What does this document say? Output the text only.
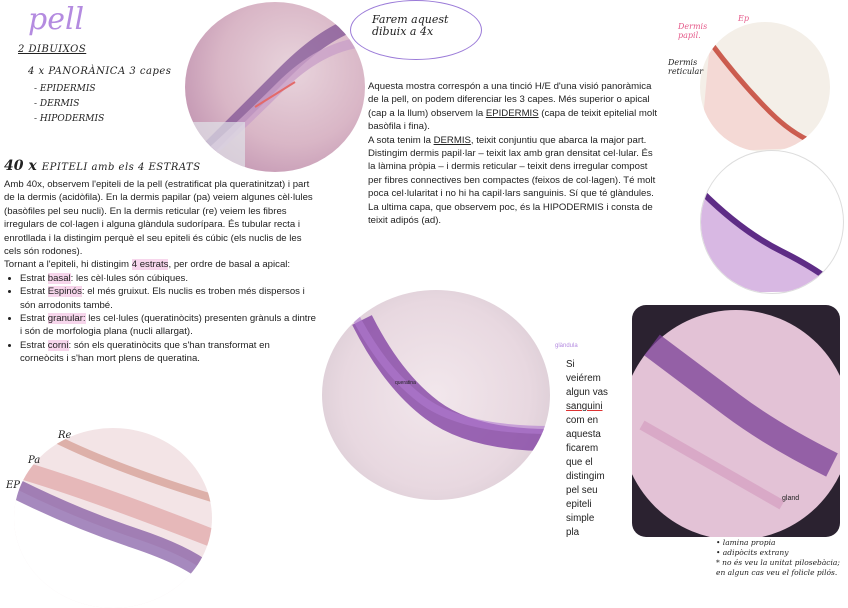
pell
2 DIBUIXOS
4 x PANORÀNICA 3 capes
- EPIDERMIS
- DERMIS
- HIPODERMIS
Farem aquest dibuix a 4x
Aquesta mostra correspón a una tinció H/E d'una visió panoràmica de la pell, on podem diferenciar les 3 capes. Més superior o apical (cap a la llum) observem la EPIDERMIS (capa de teixit epitelial molt basòfila i fina).
A sota tenim la DERMIS, teixit conjuntiu que abarca la major part. Distingim dermis papil·lar – teixit lax amb gran densitat cel·lular. És la làmina pròpia – i dermis reticular – teixit dens irregular compost per fibres connectives ben compactes (feixos de col·lagen). Té molt poca cel·lularitat i no hi ha capil·lars sanguinis. Sí que té glàndules.
La ultima capa, que observem poc, és la HIPODERMIS i consta de teixit adipós (ad).
40 x EPITELI amb els 4 ESTRATS

Amb 40x, observem l'epiteli de la pell (estratificat pla queratinitzat) i part de la dermis (acidòfila). En la dermis papilar (pa) veiem algunes cèl·lules (basòfiles pel seu nucli). En la dermis reticular (re) veiem les fibres irregulars de col·lagen i alguna glàndula sudorípara. És tubular recta i enrotllada i la distingim perquè el seu epiteli és cúbic (els nuclis de les cels són rodones).

Tornant a l'epiteli, hi distingim 4 estrats, per ordre de basal a apical:

• Estrat basal: les cèl·lules són cúbiques.
• Estrat Espinós: el més gruixut. Els nuclis es troben més dispersos i són arrodonits també.
• Estrat granular: les cel·lules (queratinòcits) presenten grànuls a dintre i són de morfologia plana (nucli allargat).
• Estrat corni: són els queratinòcits que s'han transformat en corneòcits i s'han mort plens de queratina.
EP
Pa
Re
queratina
glàndula
Si
veiérem
algun vas
sanguini
com en
aquesta
ficarem
que el
distingim
pel seu
epiteli
simple
pla
Dermis papil.
Ep
Dermis reticular
gland
• lamina propia
• adipòcits extrany
* no és veu la unitat pilosebàcia; en algun cas veu el folicle pilós.
